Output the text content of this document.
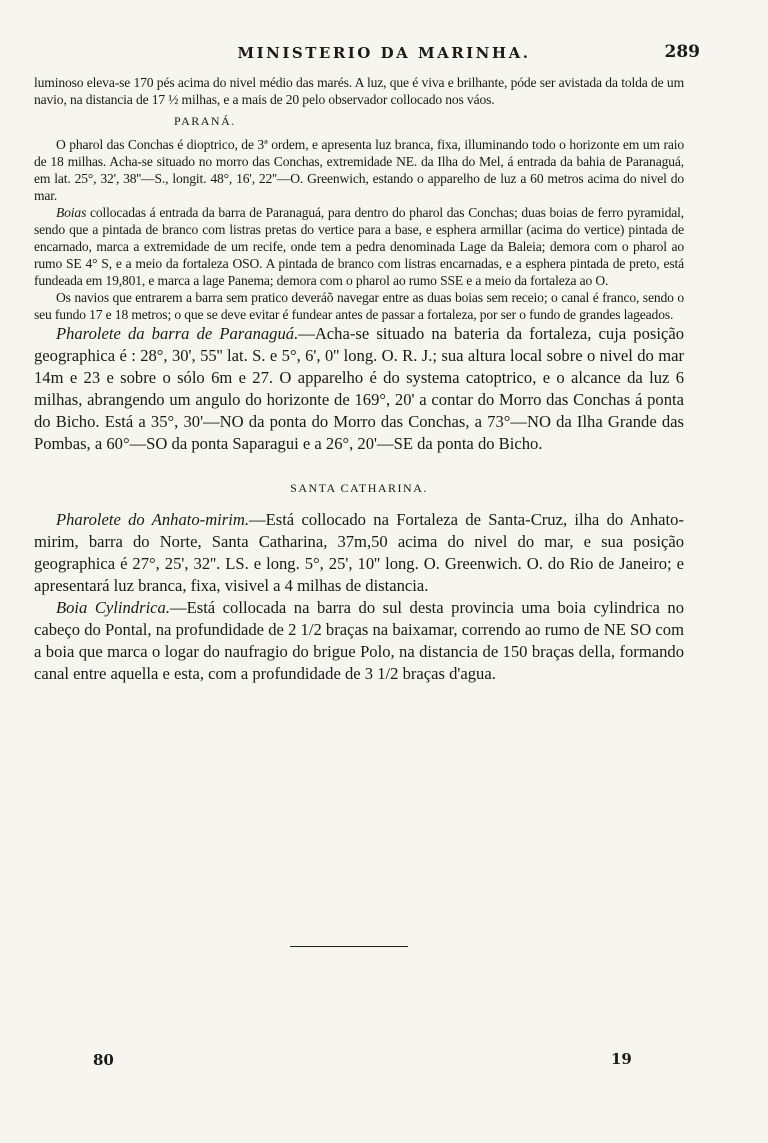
MINISTERIO DA MARINHA.	289

luminoso eleva-se 170 pés acima do nivel médio das marés. A luz, que é viva e brilhante, póde ser avistada da tolda de um navio, na distancia de 17 ½ milhas, e a mais de 20 pelo observador collocado nos váos.

PARANÁ.

O pharol das Conchas é dioptrico, de 3ª ordem, e apresenta luz branca, fixa, illuminando todo o horizonte em um raio de 18 milhas. Acha-se situado no morro das Conchas, extremidade NE. da Ilha do Mel, á entrada da bahia de Paranaguá, em lat. 25°, 32', 38''—S., longit. 48°, 16', 22''—O. Greenwich, estando o apparelho de luz a 60 metros acima do nivel do mar.

Boias collocadas á entrada da barra de Paranaguá, para dentro do pharol das Conchas; duas boias de ferro pyramidal, sendo que a pintada de branco com listras pretas do vertice para a base, e esphera armillar (acima do vertice) pintada de encarnado, marca a extremidade de um recife, onde tem a pedra denominada Lage da Baleia; demora com o pharol ao rumo SE 4° S, e a meio da fortaleza OSO. A pintada de branco com listras encarnadas, e a esphera pintada de preto, está fundeada em 19,801, e marca a lage Panema; demora com o pharol ao rumo SSE e a meio da fortaleza ao O.

Os navios que entrarem a barra sem pratico deveráõ navegar entre as duas boias sem receio; o canal é franco, sendo o seu fundo 17 e 18 metros; o que se deve evitar é fundear antes de passar a fortaleza, por ser o fundo de grandes lageados.

Pharolete da barra de Paranaguá.—Acha-se situado na bateria da fortaleza, cuja posição geographica é : 28°, 30', 55'' lat. S. e 5°, 6', 0'' long. O. R. J.; sua altura local sobre o nivel do mar 14m e 23 e sobre o sólo 6m e 27. O apparelho é do systema catoptrico, e o alcance da luz 6 milhas, abrangendo um angulo do horizonte de 169°, 20' a contar do Morro das Conchas á ponta do Bicho. Está a 35°, 30'—NO da ponta do Morro das Conchas, a 73°—NO da Ilha Grande das Pombas, a 60°—SO da ponta Saparagui e a 26°, 20'—SE da ponta do Bicho.

SANTA CATHARINA.

Pharolete do Anhato-mirim.—Está collocado na Fortaleza de Santa-Cruz, ilha do Anhato-mirim, barra do Norte, Santa Catharina, 37m,50 acima do nivel do mar, e sua posição geographica é 27°, 25', 32''. LS. e long. 5°, 25', 10'' long. O. Greenwich. O. do Rio de Janeiro; e apresentará luz branca, fixa, visivel a 4 milhas de distancia.

Boia Cylindrica.—Está collocada na barra do sul desta provincia uma boia cylindrica no cabeço do Pontal, na profundidade de 2 1/2 braças na baixamar, correndo ao rumo de NE SO com a boia que marca o logar do naufragio do brigue Polo, na distancia de 150 braças della, formando canal entre aquella e esta, com a profundidade de 3 1/2 braças d'agua.

80	19
